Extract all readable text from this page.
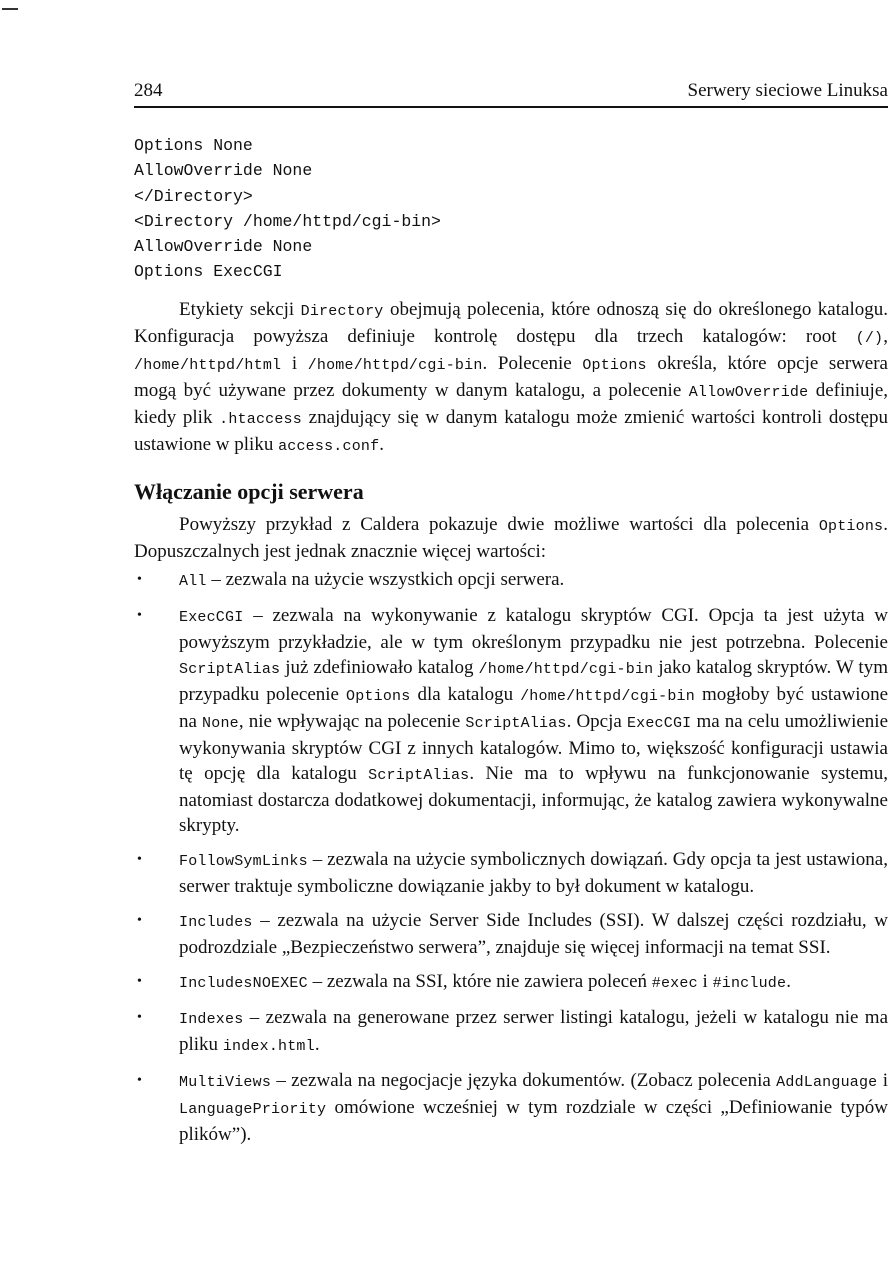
284	Serwery sieciowe Linuksa
Options None
AllowOverride None
</Directory>
<Directory /home/httpd/cgi-bin>
AllowOverride None
Options ExecCGI

Etykiety sekcji Directory obejmują polecenia, które odnoszą się do określonego katalogu. Konfiguracja powyższa definiuje kontrolę dostępu dla trzech katalogów: root (/), /home/httpd/html i /home/httpd/cgi-bin. Polecenie Options określa, które opcje serwera mogą być używane przez dokumenty w danym katalogu, a polecenie AllowOverride definiuje, kiedy plik .htaccess znajdujący się w danym katalogu może zmienić wartości kontroli dostępu ustawione w pliku access.conf.

Włączanie opcji serwera

Powyższy przykład z Caldera pokazuje dwie możliwe wartości dla polecenia Options. Dopuszczalnych jest jednak znacznie więcej wartości:

• All – zezwala na użycie wszystkich opcji serwera.
• ExecCGI – zezwala na wykonywanie z katalogu skryptów CGI. Opcja ta jest użyta w powyższym przykładzie, ale w tym określonym przypadku nie jest potrzebna. Polecenie ScriptAlias już zdefiniowało katalog /home/httpd/cgi-bin jako katalog skryptów. W tym przypadku polecenie Options dla katalogu /home/httpd/cgi-bin mogłoby być ustawione na None, nie wpływając na polecenie ScriptAlias. Opcja ExecCGI ma na celu umożliwienie wykonywania skryptów CGI z innych katalogów. Mimo to, większość konfiguracji ustawia tę opcję dla katalogu ScriptAlias. Nie ma to wpływu na funkcjonowanie systemu, natomiast dostarcza dodatkowej dokumentacji, informując, że katalog zawiera wykonywalne skrypty.
• FollowSymLinks – zezwala na użycie symbolicznych dowiązań. Gdy opcja ta jest ustawiona, serwer traktuje symboliczne dowiązanie jakby to był dokument w katalogu.
• Includes – zezwala na użycie Server Side Includes (SSI). W dalszej części rozdziału, w podrozdziale „Bezpieczeństwo serwera”, znajduje się więcej informacji na temat SSI.
• IncludesNOEXEC – zezwala na SSI, które nie zawiera poleceń #exec i #include.
• Indexes – zezwala na generowane przez serwer listingi katalogu, jeżeli w katalogu nie ma pliku index.html.
• MultiViews – zezwala na negocjacje języka dokumentów. (Zobacz polecenia AddLanguage i LanguagePriority omówione wcześniej w tym rozdziale w części „Definiowanie typów plików”).
